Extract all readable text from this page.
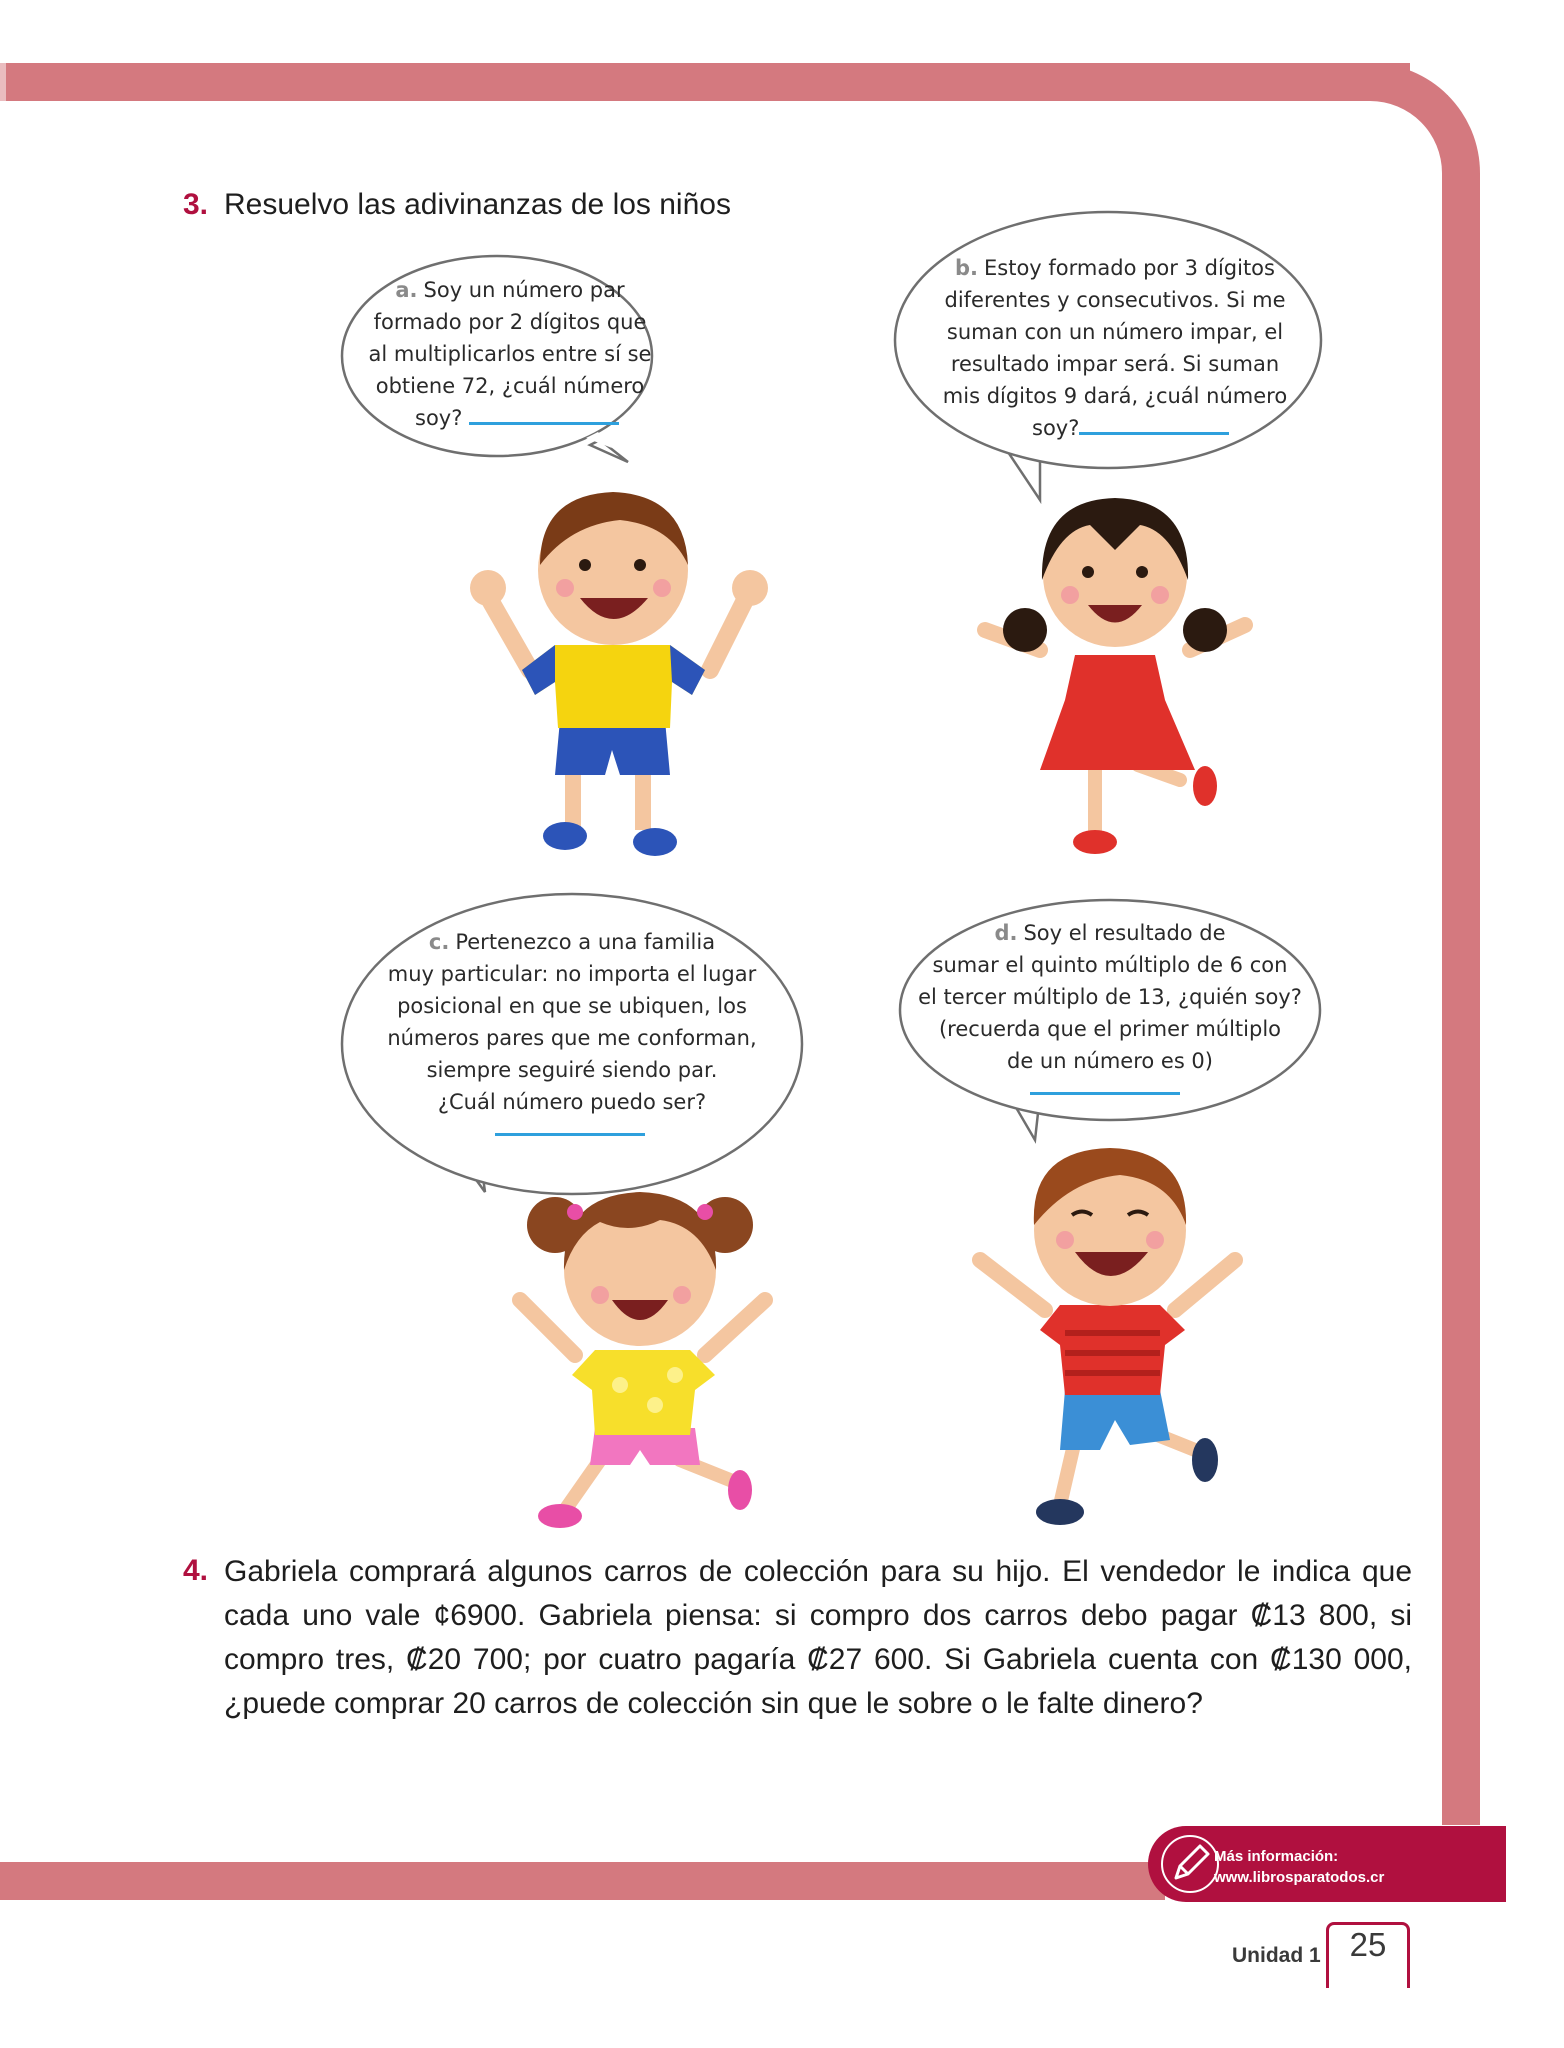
3. Resuelvo las adivinanzas de los niños
a. Soy un número par
formado por 2 dígitos que
al multiplicarlos entre sí se
obtiene 72, ¿cuál número
soy?
b. Estoy formado por 3 dígitos
diferentes y consecutivos. Si me
suman con un número impar, el
resultado impar será. Si suman
mis dígitos 9 dará, ¿cuál número
soy?
c. Pertenezco a una familia
muy particular: no importa el lugar
posicional en que se ubiquen, los
números pares que me conforman,
siempre seguiré siendo par.
¿Cuál número puedo ser?
d. Soy el resultado de
sumar el quinto múltiplo de 6 con
el tercer múltiplo de 13, ¿quién soy?
(recuerda que el primer múltiplo
de un número es 0)
4. Gabriela comprará algunos carros de colección para su hijo. El vendedor le indica que cada uno vale ¢6900. Gabriela piensa: si compro dos carros debo pagar ₡13 800, si compro tres, ₡20 700; por cuatro pagaría ₡27 600. Si Gabriela cuenta con ₡130 000, ¿puede comprar 20 carros de colección sin que le sobre o le falte dinero?
Más información:
www.librosparatodos.cr
Unidad 1 25
